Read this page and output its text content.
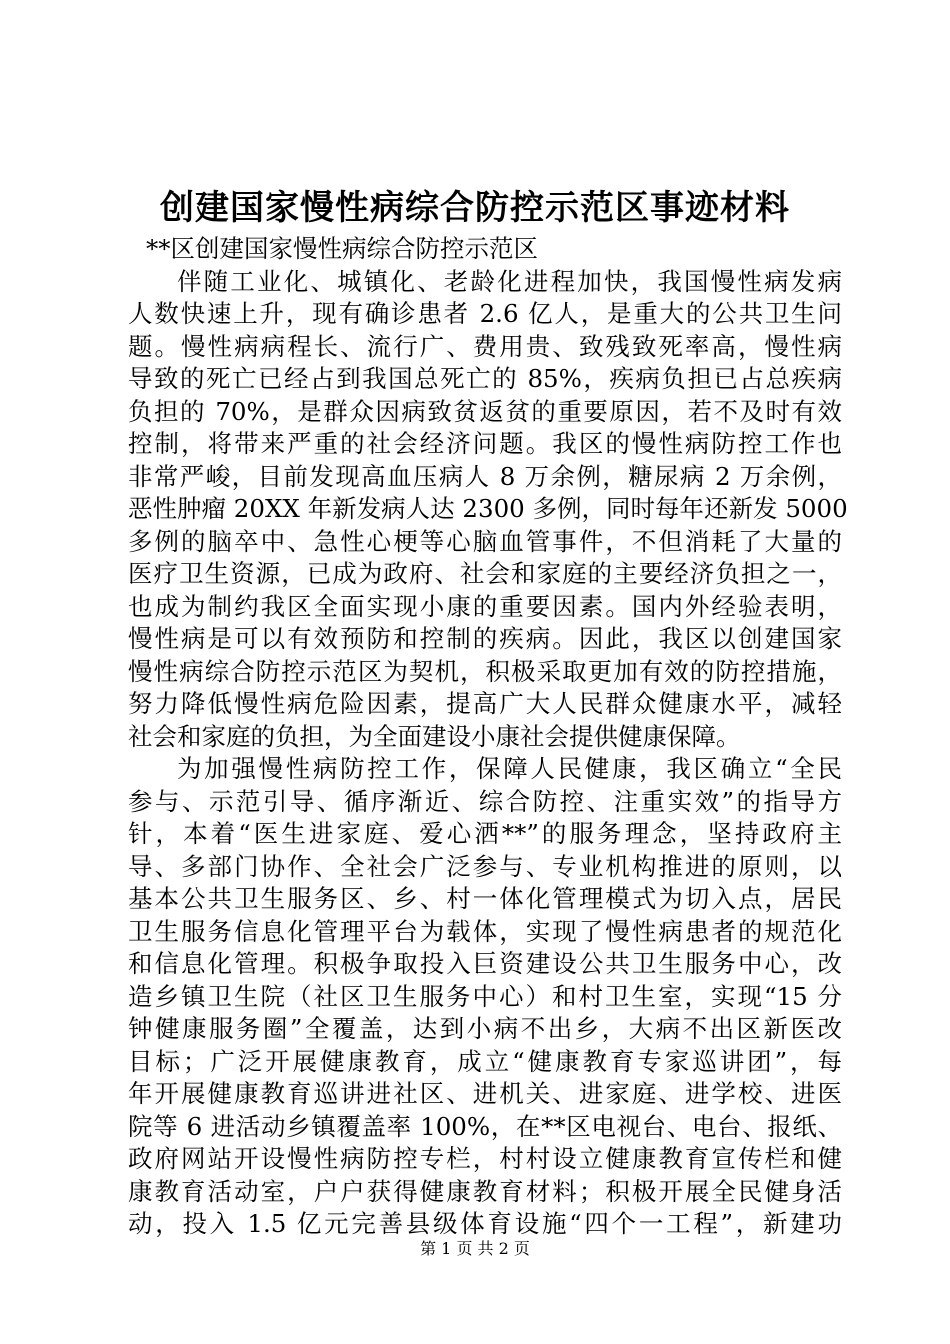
创建国家慢性病综合防控示范区事迹材料
**区创建国家慢性病综合防控示范区
伴随工业化、城镇化、老龄化进程加快，我国慢性病发病
人数快速上升，现有确诊患者 2.6 亿人，是重大的公共卫生问
题。慢性病病程长、流行广、费用贵、致残致死率高，慢性病
导致的死亡已经占到我国总死亡的 85%，疾病负担已占总疾病
负担的 70%，是群众因病致贫返贫的重要原因，若不及时有效
控制，将带来严重的社会经济问题。我区的慢性病防控工作也
非常严峻，目前发现高血压病人 8 万余例，糖尿病 2 万余例，
恶性肿瘤 20XX 年新发病人达 2300 多例，同时每年还新发 5000
多例的脑卒中、急性心梗等心脑血管事件，不但消耗了大量的
医疗卫生资源，已成为政府、社会和家庭的主要经济负担之一，
也成为制约我区全面实现小康的重要因素。国内外经验表明，
慢性病是可以有效预防和控制的疾病。因此，我区以创建国家
慢性病综合防控示范区为契机，积极采取更加有效的防控措施，
努力降低慢性病危险因素，提高广大人民群众健康水平，减轻
社会和家庭的负担，为全面建设小康社会提供健康保障。
为加强慢性病防控工作，保障人民健康，我区确立“全民
参与、示范引导、循序渐近、综合防控、注重实效”的指导方
针，本着“医生进家庭、爱心洒**”的服务理念，坚持政府主
导、多部门协作、全社会广泛参与、专业机构推进的原则，以
基本公共卫生服务区、乡、村一体化管理模式为切入点，居民
卫生服务信息化管理平台为载体，实现了慢性病患者的规范化
和信息化管理。积极争取投入巨资建设公共卫生服务中心，改
造乡镇卫生院（社区卫生服务中心）和村卫生室，实现“15 分
钟健康服务圈”全覆盖，达到小病不出乡，大病不出区新医改
目标；广泛开展健康教育，成立“健康教育专家巡讲团”，每
年开展健康教育巡讲进社区、进机关、进家庭、进学校、进医
院等 6 进活动乡镇覆盖率 100%，在**区电视台、电台、报纸、
政府网站开设慢性病防控专栏，村村设立健康教育宣传栏和健
康教育活动室，户户获得健康教育材料；积极开展全民健身活
动，投入 1.5 亿元完善县级体育设施“四个一工程”，新建功
第 1 页 共 2 页
